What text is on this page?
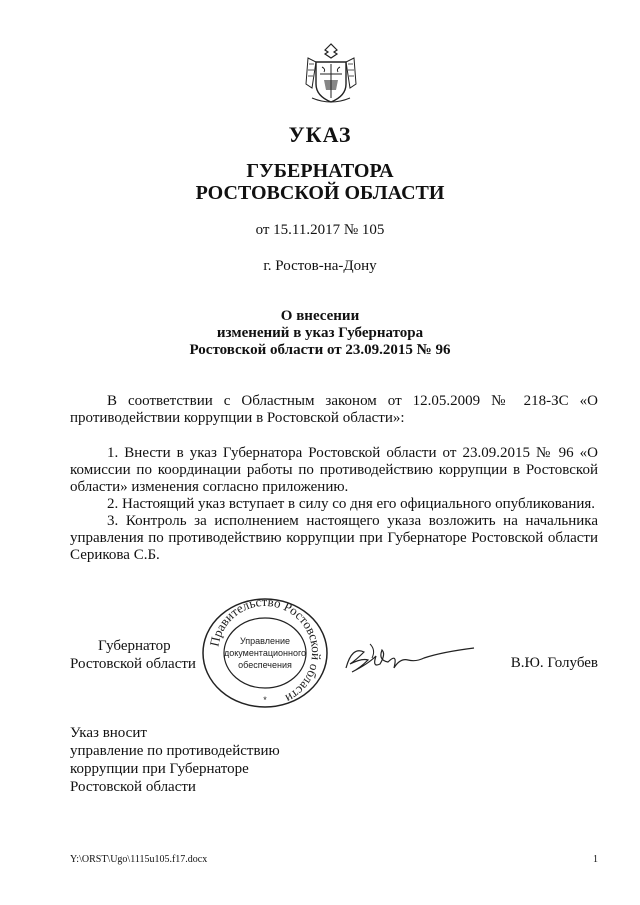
УКАЗ
ГУБЕРНАТОРА
РОСТОВСКОЙ ОБЛАСТИ
от 15.11.2017 № 105
г. Ростов-на-Дону
О внесении
изменений в указ Губернатора
Ростовской области от 23.09.2015 № 96
В соответствии с Областным законом от 12.05.2009 № 218-ЗС «О противодействии коррупции в Ростовской области»:

1. Внести в указ Губернатора Ростовской области от 23.09.2015 № 96 «О комиссии по координации работы по противодействию коррупции в Ростовской области» изменения согласно приложению.

2. Настоящий указ вступает в силу со дня его официального опубликования.

3. Контроль за исполнением настоящего указа возложить на начальника управления по противодействию коррупции при Губернаторе Ростовской области Серикова С.Б.

Губернатор
Ростовской области
Правительство Ростовской области
Управление
документационного
обеспечения
*
В.Ю. Голубев
Указ вносит
управление по противодействию
коррупции при Губернаторе
Ростовской области
Y:\ORST\Ugo\1115u105.f17.docx	1
